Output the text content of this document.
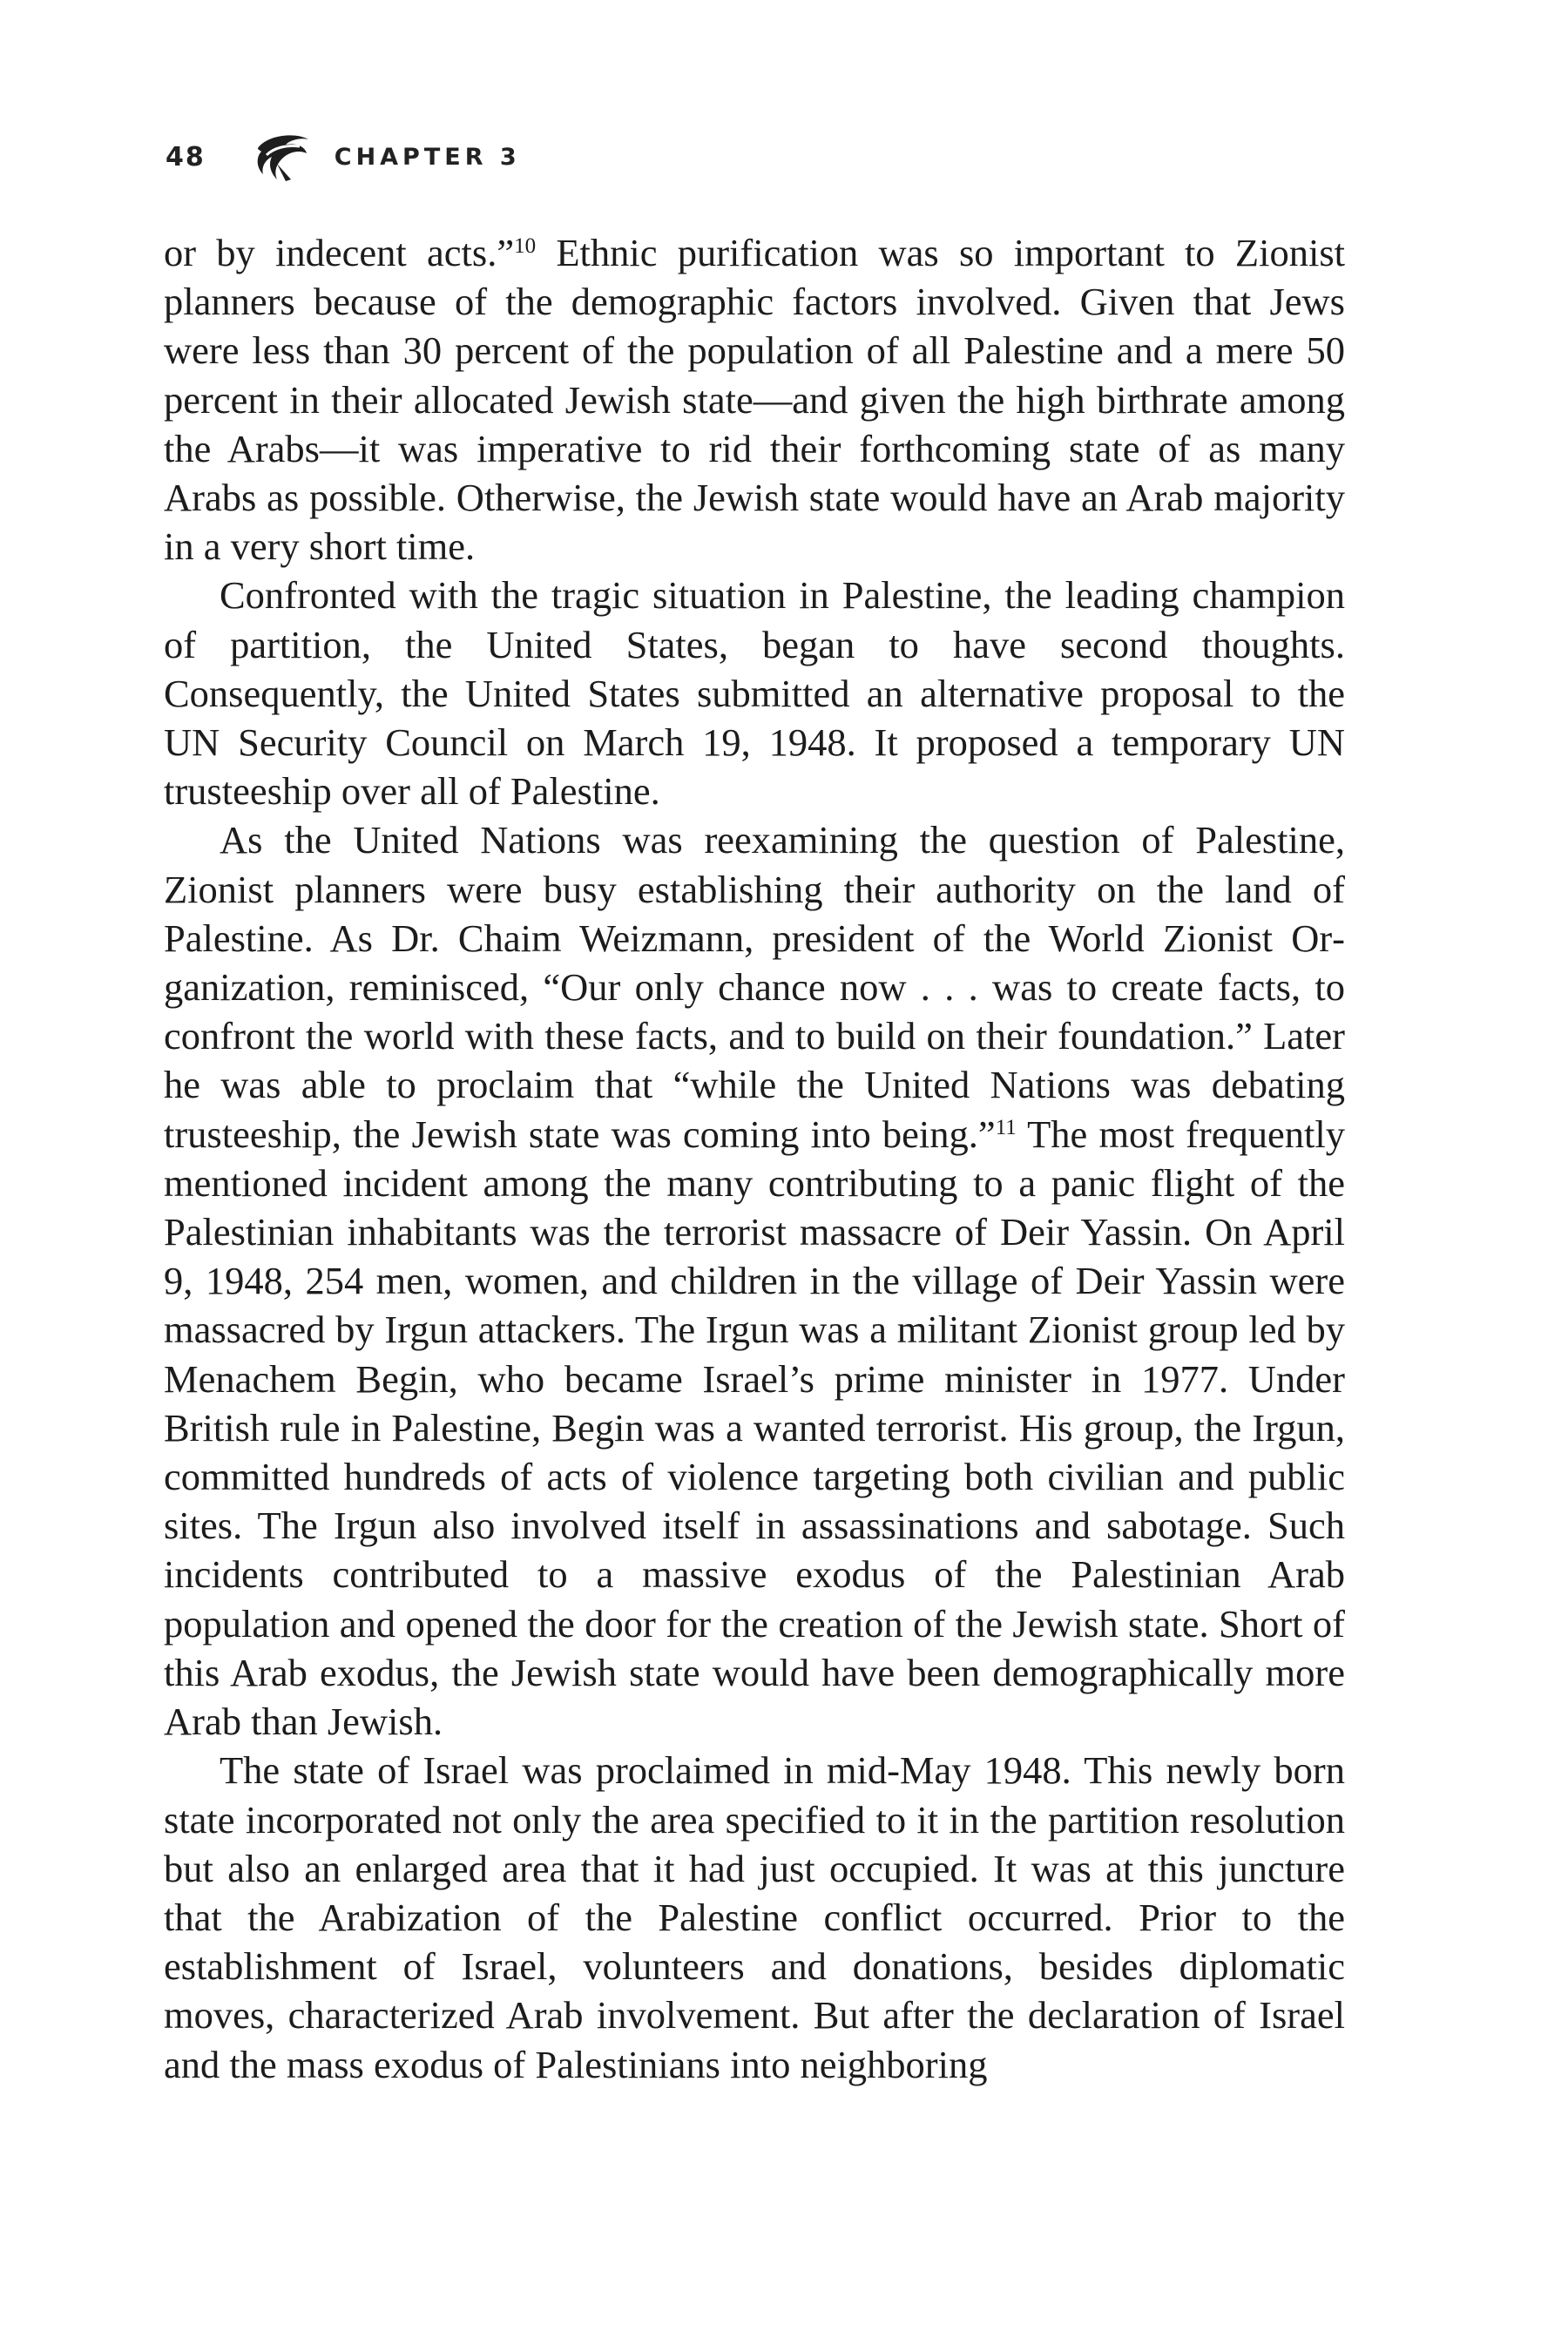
48	CHAPTER 3

or by indecent acts.”$^{10}$ Ethnic purification was so important to Zionist planners because of the demographic factors involved. Given that Jews were less than 30 percent of the population of all Palestine and a mere 50 percent in their allocated Jewish state—and given the high birthrate among the Arabs—it was imperative to rid their forthcoming state of as many Arabs as possible. Otherwise, the Jewish state would have an Arab majority in a very short time.

Confronted with the tragic situation in Palestine, the leading champion of partition, the United States, began to have second thoughts. Consequently, the United States submitted an alternative proposal to the UN Security Council on March 19, 1948. It proposed a temporary UN trusteeship over all of Palestine.

As the United Nations was reexamining the question of Palestine, Zionist planners were busy establishing their authority on the land of Palestine. As Dr. Chaim Weizmann, president of the World Zionist Organization, reminisced, “Our only chance now . . . was to create facts, to confront the world with these facts, and to build on their foundation.” Later he was able to proclaim that “while the United Nations was debating trusteeship, the Jewish state was coming into being.”$^{11}$ The most frequently mentioned incident among the many contributing to a panic flight of the Palestinian inhabitants was the terrorist massacre of Deir Yassin. On April 9, 1948, 254 men, women, and children in the village of Deir Yassin were massacred by Irgun attackers. The Irgun was a militant Zionist group led by Menachem Begin, who became Israel’s prime minister in 1977. Under British rule in Palestine, Begin was a wanted terrorist. His group, the Irgun, committed hundreds of acts of violence targeting both civilian and public sites. The Irgun also involved itself in assassinations and sabotage. Such incidents contributed to a massive exodus of the Palestinian Arab population and opened the door for the creation of the Jewish state. Short of this Arab exodus, the Jewish state would have been demographically more Arab than Jewish.

The state of Israel was proclaimed in mid-May 1948. This newly born state incorporated not only the area specified to it in the partition resolution but also an enlarged area that it had just occupied. It was at this juncture that the Arabization of the Palestine conflict occurred. Prior to the establishment of Israel, volunteers and donations, besides diplomatic moves, characterized Arab involvement. But after the declaration of Israel and the mass exodus of Palestinians into neighboring
